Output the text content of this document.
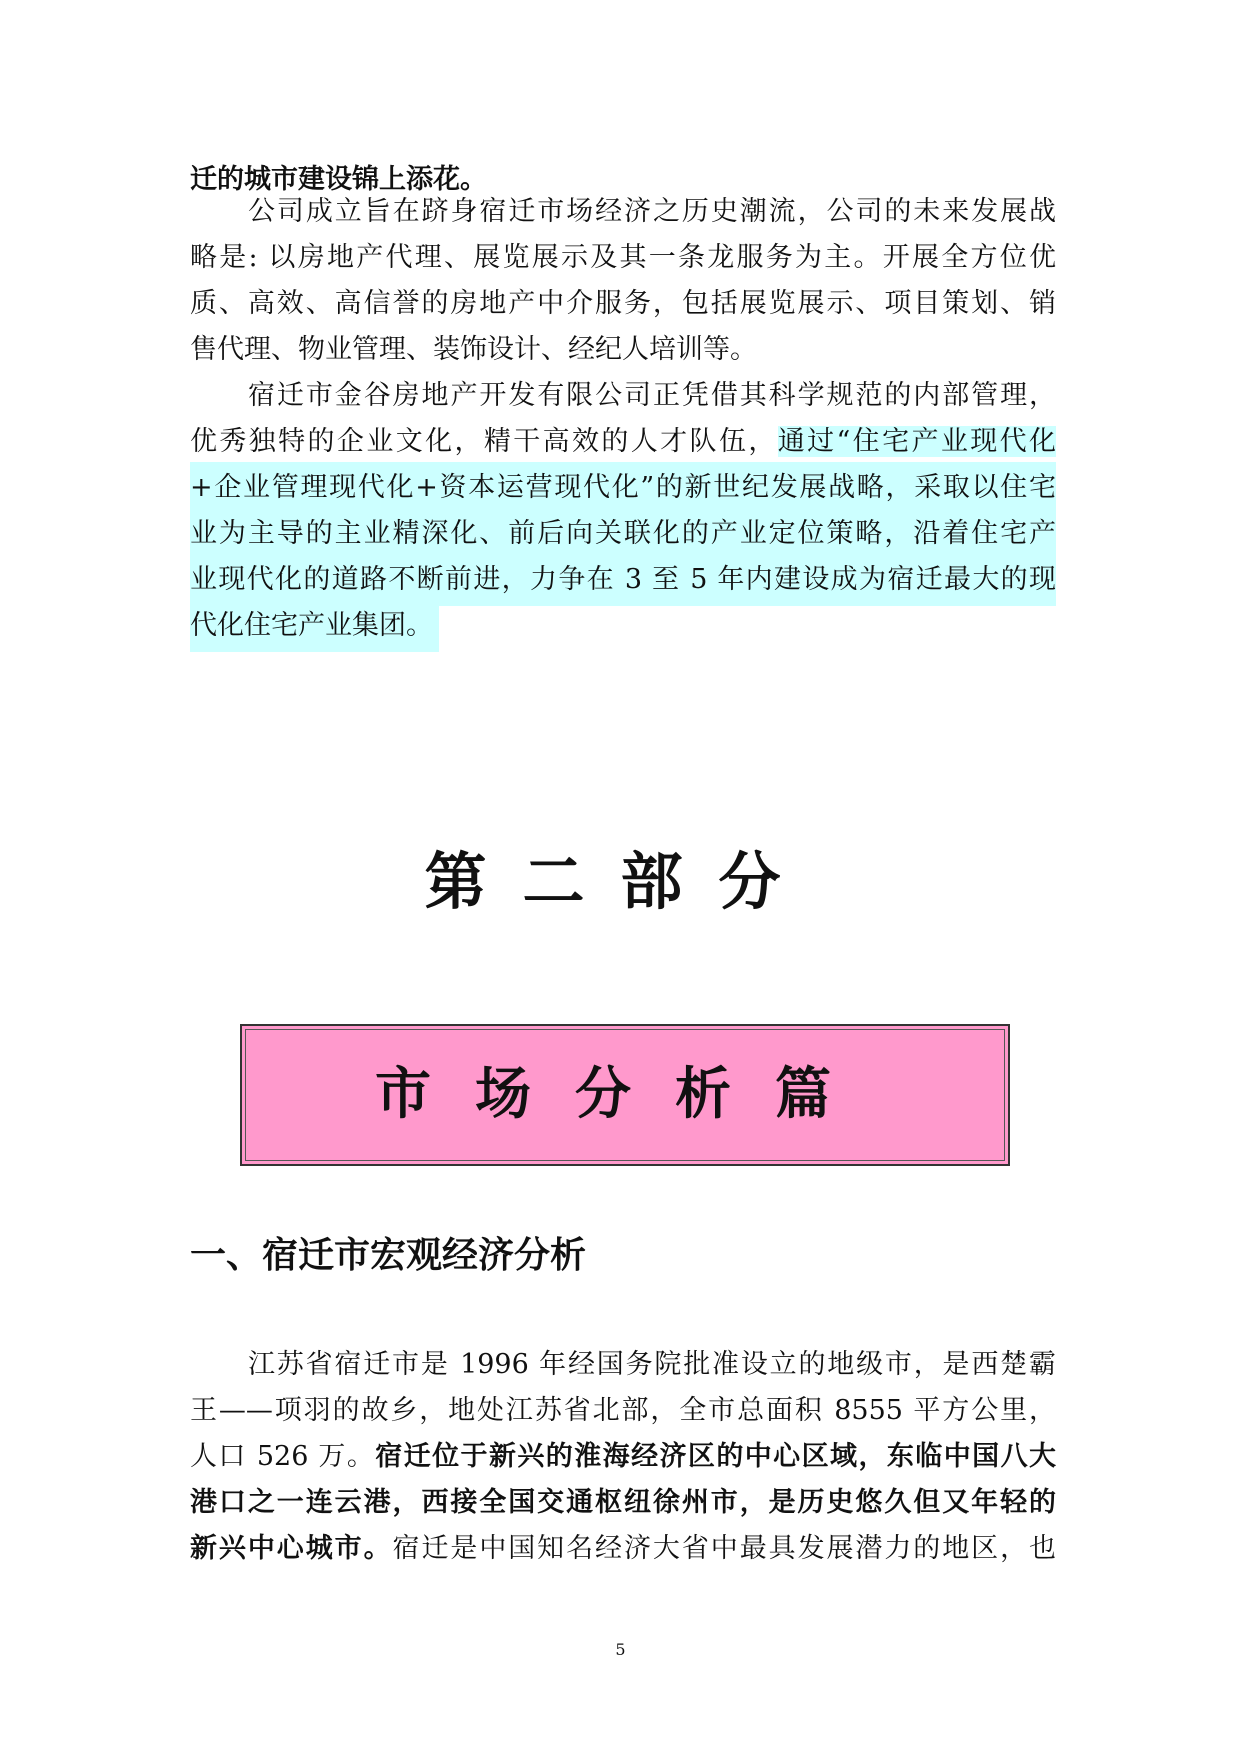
迁的城市建设锦上添花。
公司成立旨在跻身宿迁市场经济之历史潮流，公司的未来发展战
略是: 以房地产代理、展览展示及其一条龙服务为主。开展全方位优
质、高效、高信誉的房地产中介服务，包括展览展示、项目策划、销
售代理、物业管理、装饰设计、经纪人培训等。
宿迁市金谷房地产开发有限公司正凭借其科学规范的内部管理，
优秀独特的企业文化，精干高效的人才队伍，通过“住宅产业现代化
+企业管理现代化+资本运营现代化”的新世纪发展战略，采取以住宅
业为主导的主业精深化、前后向关联化的产业定位策略，沿着住宅产
业现代化的道路不断前进，力争在 3 至 5 年内建设成为宿迁最大的现
代化住宅产业集团。
第二部分
市场分析篇
一、宿迁市宏观经济分析
江苏省宿迁市是 1996 年经国务院批准设立的地级市，是西楚霸
王——项羽的故乡，地处江苏省北部，全市总面积 8555 平方公里，
人口 526 万。宿迁位于新兴的淮海经济区的中心区域，东临中国八大
港口之一连云港，西接全国交通枢纽徐州市，是历史悠久但又年轻的
新兴中心城市。宿迁是中国知名经济大省中最具发展潜力的地区，也
5
